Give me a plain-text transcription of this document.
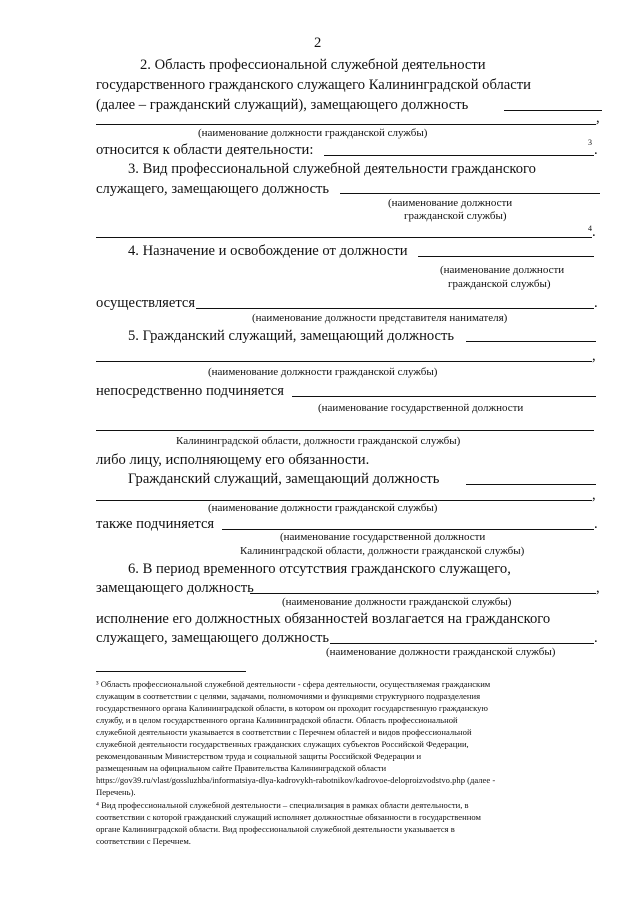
2
2. Область профессиональной служебной деятельности
государственного гражданского служащего Калининградской области
(далее – гражданский служащий), замещающего должность
,
(наименование должности гражданской службы)
относится к области деятельности:	.
3
3. Вид профессиональной служебной деятельности гражданского
служащего, замещающего должность
(наименование должности
гражданской службы)
4 .
4. Назначение и освобождение от должности
(наименование должности
гражданской службы)
осуществляется	.
(наименование должности представителя нанимателя)
5. Гражданский служащий, замещающий должность
,
(наименование должности гражданской службы)
непосредственно подчиняется
(наименование государственной должности
Калининградской области, должности гражданской службы)
либо лицу, исполняющему его обязанности.
Гражданский служащий, замещающий должность
,
(наименование должности гражданской службы)
также подчиняется	.
(наименование государственной должности
Калининградской области, должности гражданской службы)
6. В период временного отсутствия гражданского служащего,
замещающего должность	,
(наименование должности гражданской службы)
исполнение его должностных обязанностей возлагается на гражданского
служащего, замещающего должность	.
(наименование должности гражданской службы)
³ Область профессиональной служебной деятельности - сфера деятельности, осуществляемая гражданским
служащим в соответствии с целями, задачами, полномочиями и функциями структурного подразделения
государственного органа Калининградской области, в котором он проходит государственную гражданскую
службу, и в целом государственного органа Калининградской области. Область профессиональной
служебной деятельности указывается в соответствии с Перечнем областей и видов профессиональной
служебной деятельности государственных гражданских служащих субъектов Российской Федерации,
рекомендованным Министерством труда и социальной защиты Российской Федерации и
размещенным на официальном сайте Правительства Калининградской области
https://gov39.ru/vlast/gossluzhba/informatsiya-dlya-kadrovykh-rabotnikov/kadrovoe-deloproizvodstvo.php (далее -
Перечень).
⁴ Вид профессиональной служебной деятельности – специализация в рамках области деятельности, в
соответствии с которой гражданский служащий исполняет должностные обязанности в государственном
органе Калининградской области. Вид профессиональной служебной деятельности указывается в
соответствии с Перечнем.
